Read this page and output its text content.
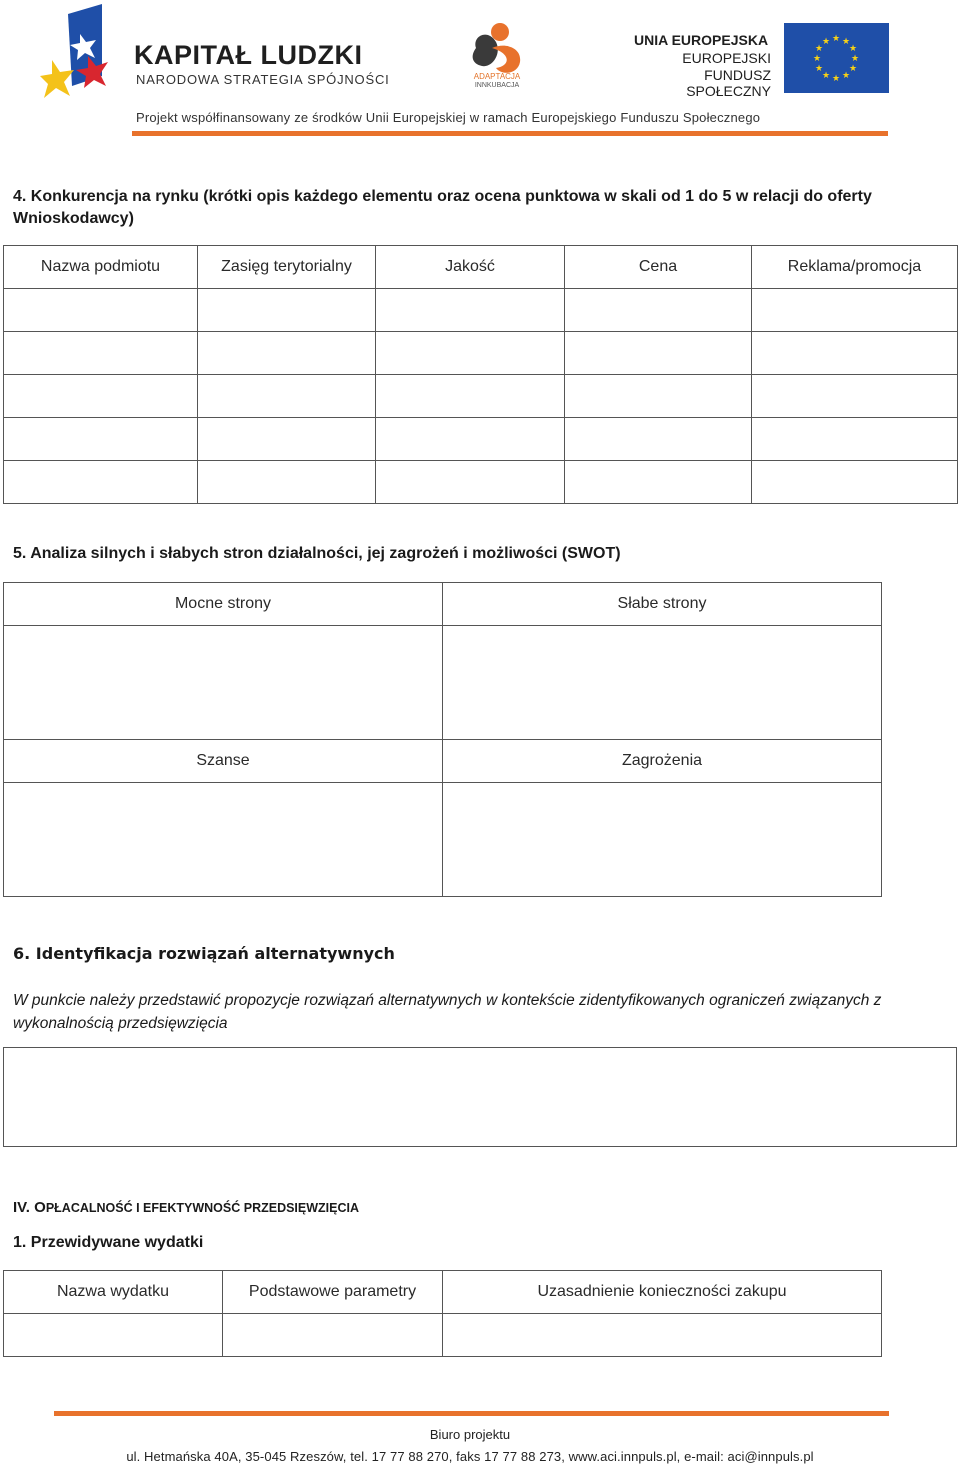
KAPITAŁ LUDZKI
NARODOWA STRATEGIA SPÓJNOŚCI	ADAPTACJA
INNKUBACJA
UNIA EUROPEJSKA
EUROPEJSKI
FUNDUSZ SPOŁECZNY
★ ★
★
★
★
★
★
★
★
★
★
★
Projekt współfinansowany ze środków Unii Europejskiej w ramach Europejskiego Funduszu Społecznego
4. Konkurencja na rynku (krótki opis każdego elementu oraz ocena punktowa w skali od 1 do 5 w relacji do oferty Wnioskodawcy)
Nazwa podmiotu	Zasięg terytorialny	Jakość	Cena	Reklama/promocja

5. Analiza silnych i słabych stron działalności, jej zagrożeń i możliwości (SWOT)
Mocne strony	Słabe strony

Szanse	Zagrożenia

6. Identyfikacja rozwiązań alternatywnych
W punkcie należy przedstawić propozycje rozwiązań alternatywnych w kontekście zidentyfikowanych ograniczeń związanych z wykonalnością przedsięwzięcia
IV. OPŁACALNOŚĆ I EFEKTYWNOŚĆ PRZEDSIĘWZIĘCIA
1. Przewidywane wydatki
Nazwa wydatku	Podstawowe parametry	Uzasadnienie konieczności zakupu

Biuro projektu
ul. Hetmańska 40A, 35-045 Rzeszów, tel. 17 77 88 270, faks 17 77 88 273, www.aci.innpuls.pl, e-mail: aci@innpuls.pl
